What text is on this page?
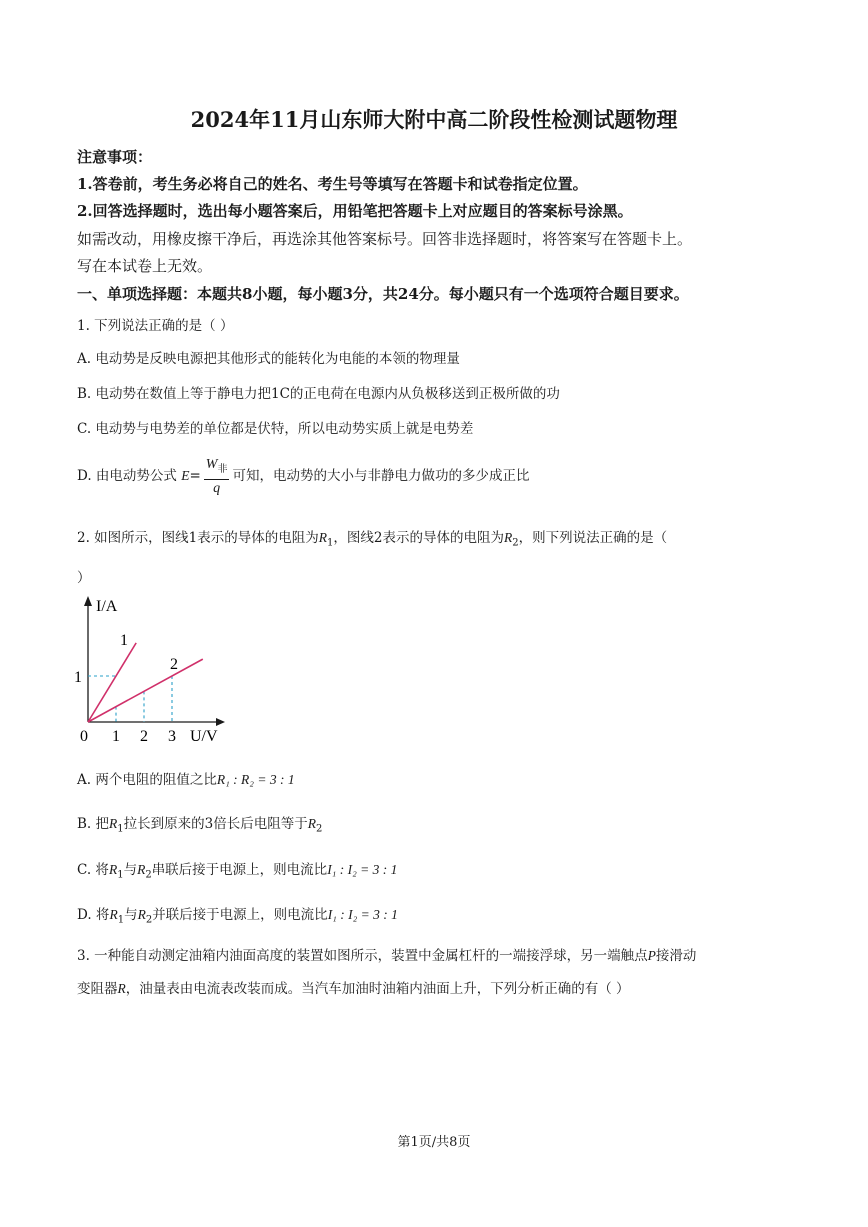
2024年11月山东师大附中高二阶段性检测试题物理
注意事项：
1.答卷前，考生务必将自己的姓名、考生号等填写在答题卡和试卷指定位置。
2.回答选择题时，选出每小题答案后，用铅笔把答题卡上对应题目的答案标号涂黑。
如需改动，用橡皮擦干净后，再选涂其他答案标号。回答非选择题时，将答案写在答题卡上。
写在本试卷上无效。
一、单项选择题：本题共8小题，每小题3分，共24分。每小题只有一个选项符合题目要求。
1. 下列说法正确的是（ ）
A. 电动势是反映电源把其他形式的能转化为电能的本领的物理量
B. 电动势在数值上等于静电力把1C的正电荷在电源内从负极移送到正极所做的功
C. 电动势与电势差的单位都是伏特，所以电动势实质上就是电势差
D. 由电动势公式 $E= \frac{W_非}{q}$ 可知，电动势的大小与非静电力做功的多少成正比
2. 如图所示，图线1表示的导体的电阻为$R_1$，图线2表示的导体的电阻为$R_2$，则下列说法正确的是（
）
1 2 3
1
I/A
U/V
0
1
2
A. 两个电阻的阻值之比R₁ : R₂ = 3 : 1
B. 把$R_1$拉长到原来的3倍长后电阻等于$R_2$
C. 将$R_1$与$R_2$串联后接于电源上，则电流比I₁ : I₂ = 3 : 1
D. 将$R_1$与$R_2$并联后接于电源上，则电流比I₁ : I₂ = 3 : 1
3. 一种能自动测定油箱内油面高度的装置如图所示，装置中金属杠杆的一端接浮球，另一端触点P接滑动
变阻器R，油量表由电流表改装而成。当汽车加油时油箱内油面上升，下列分析正确的有（ ）
第1页/共8页
